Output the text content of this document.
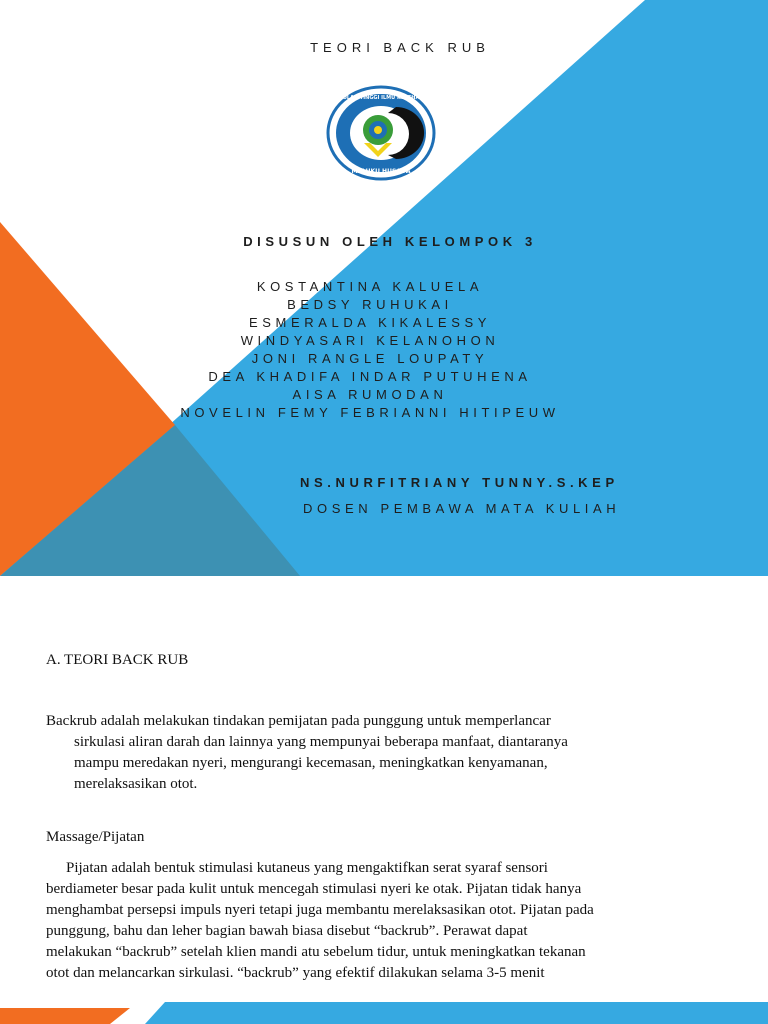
TEORI BACK RUB
SEKOLAH TINGGI ILMU KESEHATAN
MALUKU HUSADA
DISUSUN OLEH KELOMPOK 3
KOSTANTINA KALUELA
BEDSY RUHUKAI
ESMERALDA KIKALESSY
WINDYASARI KELANOHON
JONI RANGLE LOUPATY
DEA KHADIFA INDAR PUTUHENA
AISA RUMODAN
NOVELIN FEMY FEBRIANNI HITIPEUW
NS.NURFITRIANY TUNNY.S.KEP
DOSEN PEMBAWA MATA KULIAH
A. TEORI BACK RUB
Backrub adalah melakukan tindakan pemijatan pada punggung untuk memperlancar
sirkulasi aliran darah dan lainnya yang mempunyai beberapa manfaat, diantaranya
mampu meredakan nyeri, mengurangi kecemasan, meningkatkan kenyamanan,
merelaksasikan otot.
Massage/Pijatan
Pijatan adalah bentuk stimulasi kutaneus yang mengaktifkan serat syaraf sensori
berdiameter besar pada kulit untuk mencegah stimulasi nyeri ke otak. Pijatan tidak hanya
menghambat persepsi impuls nyeri tetapi juga membantu merelaksasikan otot. Pijatan pada
punggung, bahu dan leher bagian bawah biasa disebut “backrub”. Perawat dapat
melakukan “backrub” setelah klien mandi atu sebelum tidur, untuk meningkatkan tekanan
otot dan melancarkan sirkulasi. “backrub” yang efektif dilakukan selama 3-5 menit
